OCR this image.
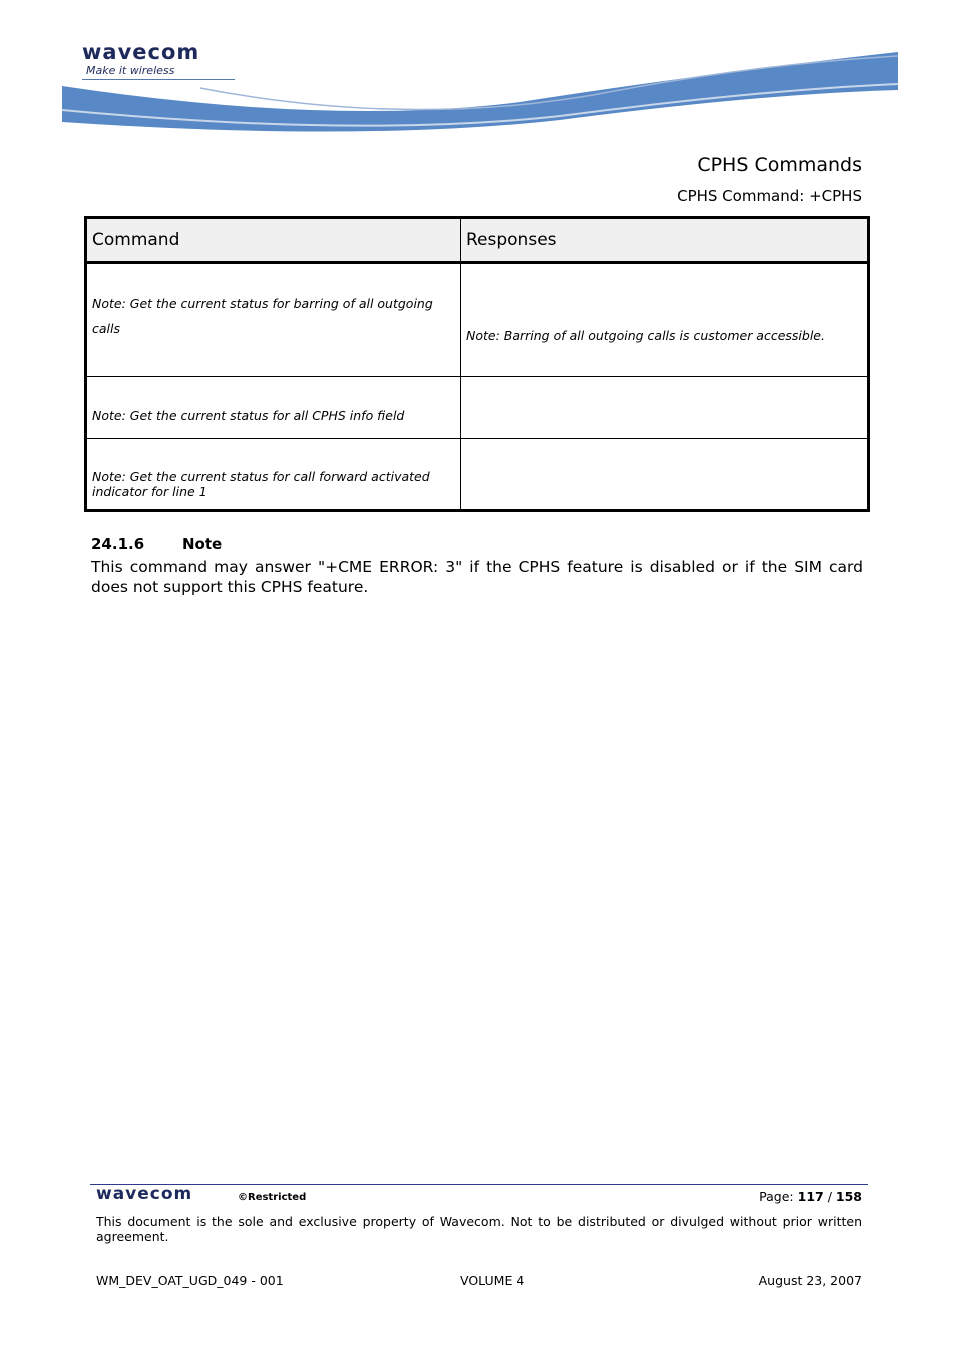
wavecom
Make it wireless
CPHS Commands
CPHS Command: +CPHS
Command	Responses
Note: Get the current status for barring of all outgoing calls	Note: Barring of all outgoing calls is customer accessible.
Note: Get the current status for all CPHS info field	
Note: Get the current status for call forward activated indicator for line 1	
24.1.6	Note
This command may answer "+CME ERROR: 3" if the CPHS feature is disabled or if the SIM card does not support this CPHS feature.
wavecom	©Restricted	Page: 117 / 158
This document is the sole and exclusive property of Wavecom. Not to be distributed or divulged without prior written agreement.
WM_DEV_OAT_UGD_049 - 001	VOLUME 4	August 23, 2007
